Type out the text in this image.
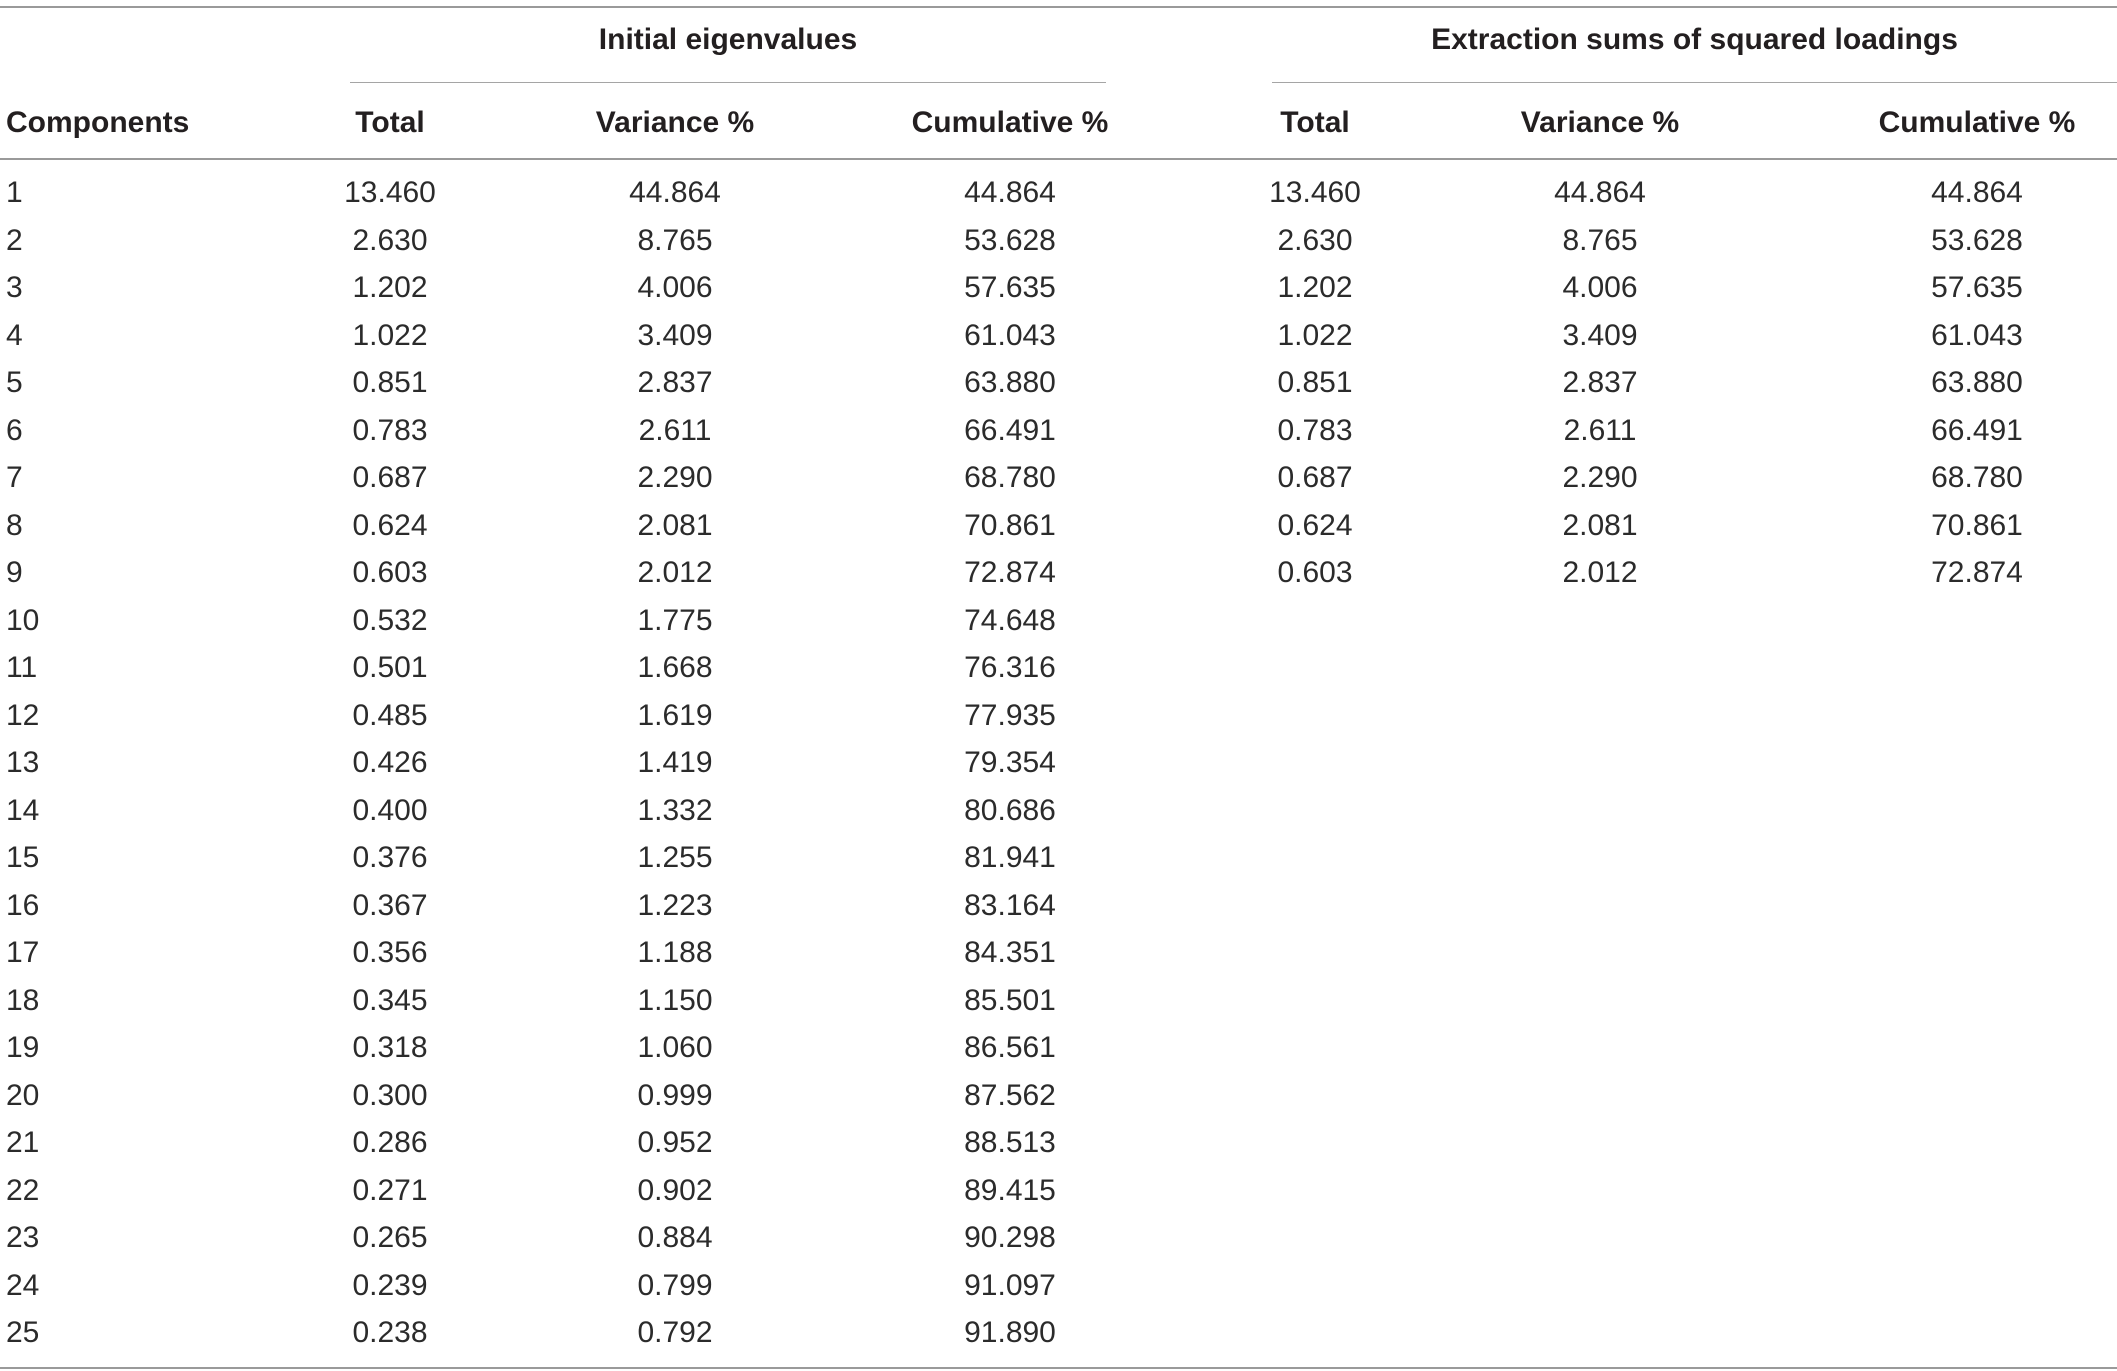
Initial eigenvalues	Extraction sums of squared loadings
Components	Total	Variance %	Cumulative %	Total	Variance %	Cumulative %
1	13.460	44.864	44.864	13.460	44.864	44.864
2	2.630	8.765	53.628	2.630	8.765	53.628
3	1.202	4.006	57.635	1.202	4.006	57.635
4	1.022	3.409	61.043	1.022	3.409	61.043
5	0.851	2.837	63.880	0.851	2.837	63.880
6	0.783	2.611	66.491	0.783	2.611	66.491
7	0.687	2.290	68.780	0.687	2.290	68.780
8	0.624	2.081	70.861	0.624	2.081	70.861
9	0.603	2.012	72.874	0.603	2.012	72.874
10	0.532	1.775	74.648
11	0.501	1.668	76.316
12	0.485	1.619	77.935
13	0.426	1.419	79.354
14	0.400	1.332	80.686
15	0.376	1.255	81.941
16	0.367	1.223	83.164
17	0.356	1.188	84.351
18	0.345	1.150	85.501
19	0.318	1.060	86.561
20	0.300	0.999	87.562
21	0.286	0.952	88.513
22	0.271	0.902	89.415
23	0.265	0.884	90.298
24	0.239	0.799	91.097
25	0.238	0.792	91.890
